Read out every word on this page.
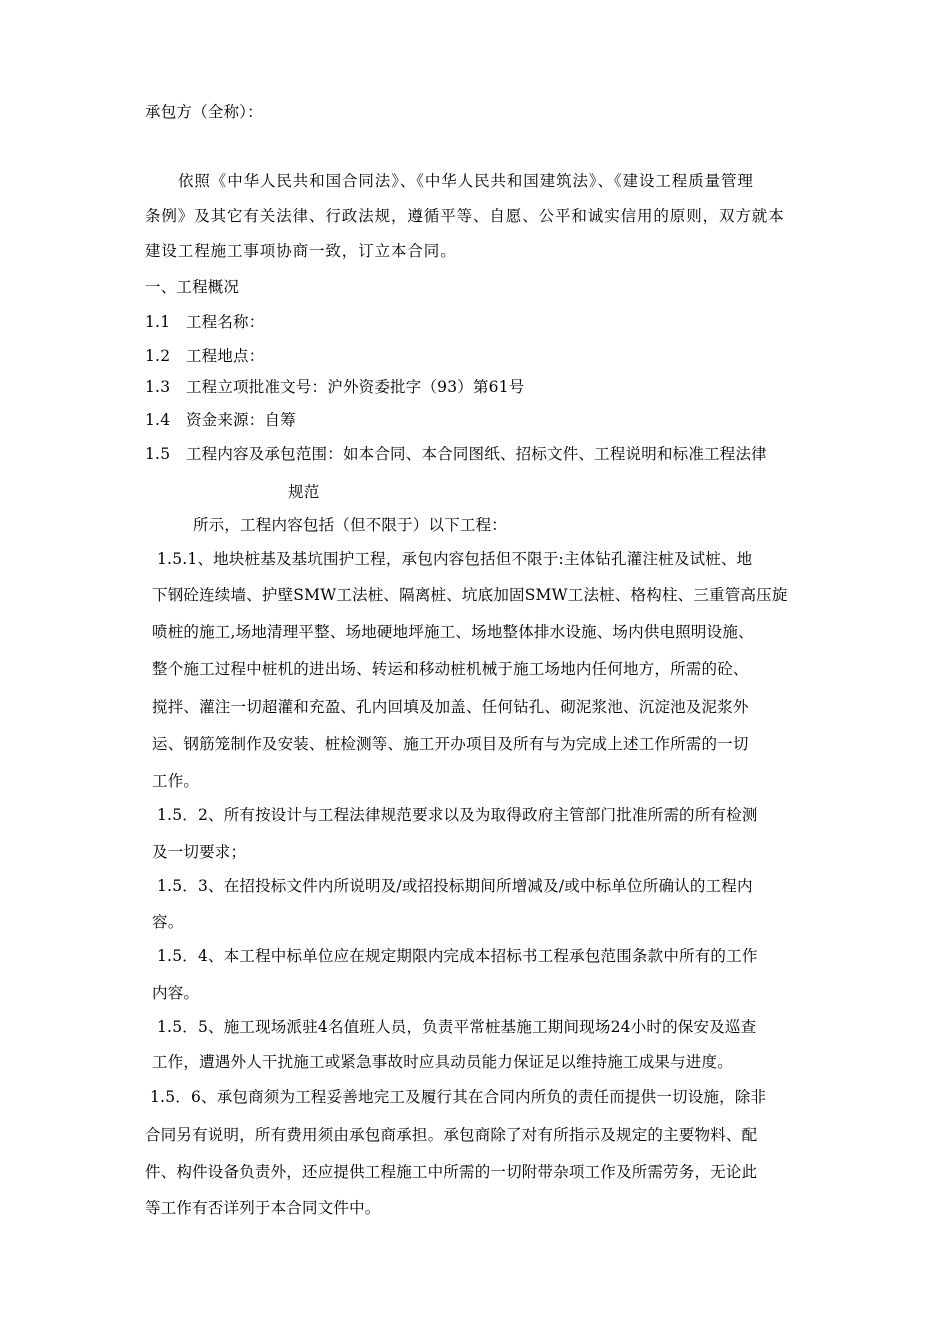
承包方（全称）：
依照《中华人民共和国合同法》、《中华人民共和国建筑法》、《建设工程质量管理
条例》及其它有关法律、行政法规，遵循平等、自愿、公平和诚实信用的原则，双方就本
建设工程施工事项协商一致，订立本合同。
一、工程概况
1.1　工程名称：
1.2　工程地点：
1.3　工程立项批准文号：沪外资委批字（93）第61号
1.4　资金来源：自筹
1.5　工程内容及承包范围：如本合同、本合同图纸、招标文件、工程说明和标准工程法律
规范
所示，工程内容包括（但不限于）以下工程：
1.5.1、地块桩基及基坑围护工程，承包内容包括但不限于:主体钻孔灌注桩及试桩、地
下钢砼连续墙、护壁SMW工法桩、隔离桩、坑底加固SMW工法桩、格构柱、三重管高压旋
喷桩的施工,场地清理平整、场地硬地坪施工、场地整体排水设施、场内供电照明设施、
整个施工过程中桩机的进出场、转运和移动桩机械于施工场地内任何地方，所需的砼、
搅拌、灌注一切超灌和充盈、孔内回填及加盖、任何钻孔、砌泥浆池、沉淀池及泥浆外
运、钢筋笼制作及安装、桩检测等、施工开办项目及所有与为完成上述工作所需的一切
工作。
1.5．2、所有按设计与工程法律规范要求以及为取得政府主管部门批准所需的所有检测
及一切要求；
1.5．3、在招投标文件内所说明及/或招投标期间所增减及/或中标单位所确认的工程内
容。
1.5．4、本工程中标单位应在规定期限内完成本招标书工程承包范围条款中所有的工作
内容。
1.5．5、施工现场派驻4名值班人员，负责平常桩基施工期间现场24小时的保安及巡查
工作，遭遇外人干扰施工或紧急事故时应具动员能力保证足以维持施工成果与进度。
1.5．6、承包商须为工程妥善地完工及履行其在合同内所负的责任而提供一切设施，除非
合同另有说明，所有费用须由承包商承担。承包商除了对有所指示及规定的主要物料、配
件、构件设备负责外，还应提供工程施工中所需的一切附带杂项工作及所需劳务，无论此
等工作有否详列于本合同文件中。
